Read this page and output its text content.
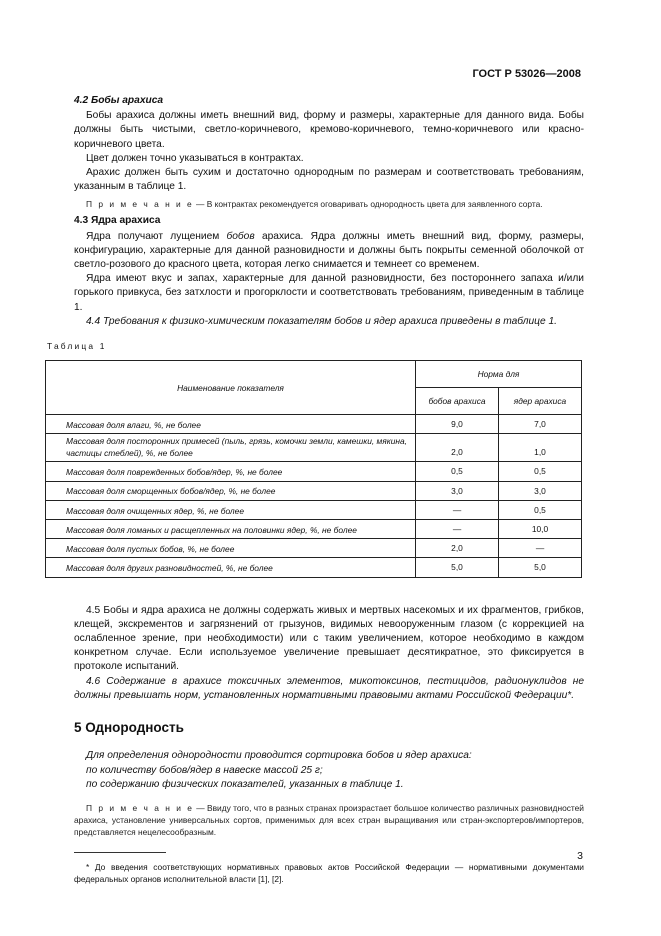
ГОСТ Р 53026—2008
4.2 Бобы арахиса

Бобы арахиса должны иметь внешний вид, форму и размеры, характерные для данного вида. Бобы должны быть чистыми, светло-коричневого, кремово-коричневого, темно-коричневого или красно-коричневого цвета.

Цвет должен точно указываться в контрактах.

Арахис должен быть сухим и достаточно однородным по размерам и соответствовать требованиям, указанным в таблице 1.

П р и м е ч а н и е — В контрактах рекомендуется оговаривать однородность цвета для заявленного сорта.

4.3 Ядра арахиса

Ядра получают лущением бобов арахиса. Ядра должны иметь внешний вид, форму, размеры, конфигурацию, характерные для данной разновидности и должны быть покрыты семенной оболочкой от светло-розового до красного цвета, которая легко снимается и темнеет со временем.

Ядра имеют вкус и запах, характерные для данной разновидности, без постороннего запаха и/или горького привкуса, без затхлости и прогорклости и соответствовать требованиям, приведенным в таблице 1.

4.4 Требования к физико-химическим показателям бобов и ядер арахиса приведены в таблице 1.

Таблица 1
Наименование показателя	Норма для	
	бобов арахиса	ядер арахиса
Массовая доля влаги, %, не более	9,0	7,0
Массовая доля посторонних примесей (пыль, грязь, комочки земли, камешки, мякина, частицы стеблей), %, не более	2,0	1,0
Массовая доля поврежденных бобов/ядер, %, не более	0,5	0,5
Массовая доля сморщенных бобов/ядер, %, не более	3,0	3,0
Массовая доля очищенных ядер, %, не более	—	0,5
Массовая доля ломаных и расщепленных на половинки ядер, %, не более	—	10,0
Массовая доля пустых бобов, %, не более	2,0	—
Массовая доля других разновидностей, %, не более	5,0	5,0

4.5 Бобы и ядра арахиса не должны содержать живых и мертвых насекомых и их фрагментов, грибков, клещей, экскрементов и загрязнений от грызунов, видимых невооруженным глазом (с коррекцией на ослабленное зрение, при необходимости) или с таким увеличением, которое необходимо в каждом конкретном случае. Если используемое увеличение превышает десятикратное, это фиксируется в протоколе испытаний.

4.6 Содержание в арахисе токсичных элементов, микотоксинов, пестицидов, радионуклидов не должны превышать норм, установленных нормативными правовыми актами Российской Федерации*.

5 Однородность

Для определения однородности проводится сортировка бобов и ядер арахиса:

по количеству бобов/ядер в навеске массой 25 г;

по содержанию физических показателей, указанных в таблице 1.

П р и м е ч а н и е — Ввиду того, что в разных странах произрастает большое количество различных разновидностей арахиса, установление универсальных сортов, применимых для всех стран выращивания или стран-экспортеров/импортеров, представляется нецелесообразным.

* До введения соответствующих нормативных правовых актов Российской Федерации — нормативными документами федеральных органов исполнительной власти [1], [2].

3
